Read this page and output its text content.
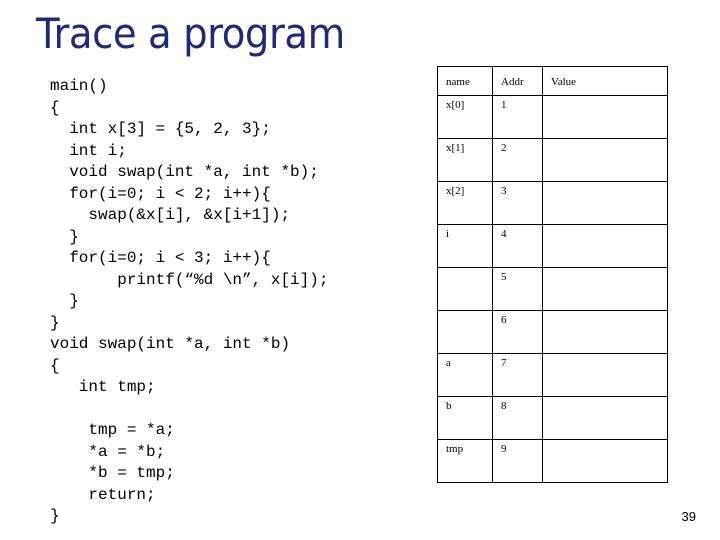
Trace a program
main()
{
int x[3] = {5, 2, 3};
int i;
void swap(int *a, int *b);
for(i=0; i < 2; i++){
swap(&x[i], &x[i+1]);
}
for(i=0; i < 3; i++){
printf(“%d \n”, x[i]);
}
}
void swap(int *a, int *b)
{
int tmp;
tmp = *a;
*a = *b;
*b = tmp;
return;
}
name	Addr	Value
x[0]	1	
x[1]	2	
x[2]	3	
i	4	
	5	
	6	
a	7	
b	8	
tmp	9	
39
